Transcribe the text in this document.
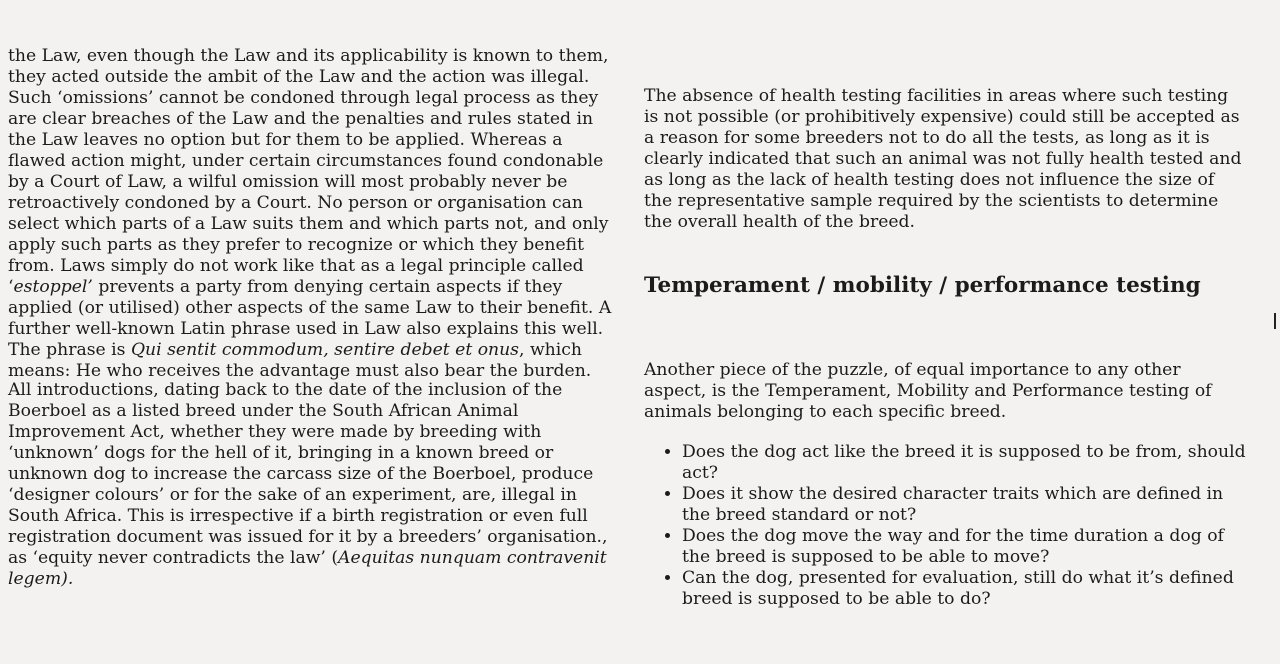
the Law, even though the Law and its applicability is known to them, they acted outside the ambit of the Law and the action was illegal. Such ‘omissions’ cannot be condoned through legal process as they are clear breaches of the Law and the penalties and rules stated in the Law leaves no option but for them to be applied. Whereas a flawed action might, under certain circumstances found condonable by a Court of Law, a wilful omission will most probably never be retroactively condoned by a Court. No person or organisation can select which parts of a Law suits them and which parts not, and only apply such parts as they prefer to recognize or which they benefit from. Laws simply do not work like that as a legal principle called ‘estoppel’ prevents a party from denying certain aspects if they applied (or utilised) other aspects of the same Law to their benefit. A further well-known Latin phrase used in Law also explains this well. The phrase is Qui sentit commodum, sentire debet et onus, which means: He who receives the advantage must also bear the burden.

All introductions, dating back to the date of the inclusion of the Boerboel as a listed breed under the South African Animal Improvement Act, whether they were made by breeding with ‘unknown’ dogs for the hell of it, bringing in a known breed or unknown dog to increase the carcass size of the Boerboel, produce ‘designer colours’ or for the sake of an experiment, are, illegal in South Africa. This is irrespective if a birth registration or even full registration document was issued for it by a breeders’ organisation., as ‘equity never contradicts the law’ (Aequitas nunquam contravenit legem).

The absence of health testing facilities in areas where such testing is not possible (or prohibitively expensive) could still be accepted as a reason for some breeders not to do all the tests, as long as it is clearly indicated that such an animal was not fully health tested and as long as the lack of health testing does not influence the size of the representative sample required by the scientists to determine the overall health of the breed.

Temperament / mobility / performance testing

Another piece of the puzzle, of equal importance to any other aspect, is the Temperament, Mobility and Performance testing of animals belonging to each specific breed.

• Does the dog act like the breed it is supposed to be from, should act?
• Does it show the desired character traits which are defined in the breed standard or not?
• Does the dog move the way and for the time duration a dog of the breed is supposed to be able to move?
• Can the dog, presented for evaluation, still do what it’s defined breed is supposed to be able to do?
